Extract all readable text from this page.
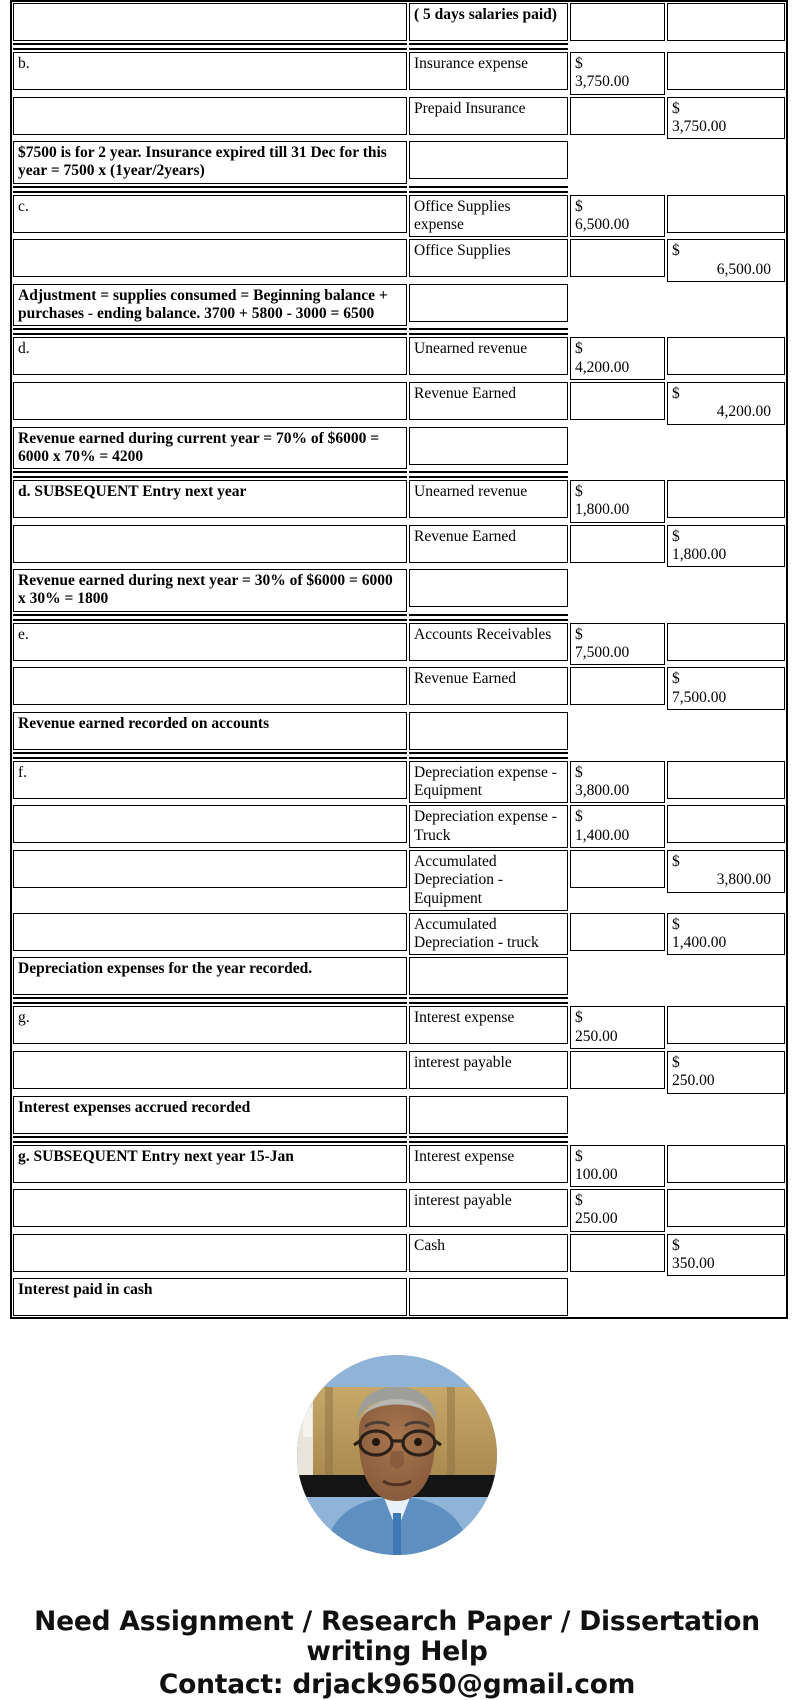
	( 5 days salaries paid)		

b.	Insurance expense	$
3,750.00	

	Prepaid Insurance		$
3,750.00

$7500 is for 2 year. Insurance expired till 31 Dec for this year = 7500 x (1year/2years)			

c.	Office Supplies expense	$
6,500.00	

	Office Supplies		$
6,500.00

Adjustment = supplies consumed = Beginning balance + purchases - ending balance. 3700 + 5800 - 3000 = 6500			

d.	Unearned revenue	$
4,200.00	

	Revenue Earned		$
4,200.00

Revenue earned during current year = 70% of $6000 = 6000 x 70% = 4200			

d. SUBSEQUENT Entry next year	Unearned revenue	$
1,800.00	

	Revenue Earned		$
1,800.00

Revenue earned during next year = 30% of $6000 = 6000 x 30% = 1800			

e.	Accounts Receivables	$
7,500.00	

	Revenue Earned		$
7,500.00

Revenue earned recorded on accounts			

f.	Depreciation expense - Equipment	$
3,800.00	

	Depreciation expense - Truck	$
1,400.00	

	Accumulated Depreciation - Equipment		$
3,800.00

	Accumulated Depreciation - truck		$
1,400.00

Depreciation expenses for the year recorded.			

g.	Interest expense	$
250.00	

	interest payable		$
250.00

Interest expenses accrued recorded			

g. SUBSEQUENT Entry next year 15-Jan	Interest expense	$
100.00	

	interest payable	$
250.00	

	Cash		$
350.00

Interest paid in cash			

Need Assignment / Research Paper / Dissertation
writing Help
Contact: drjack9650@gmail.com
